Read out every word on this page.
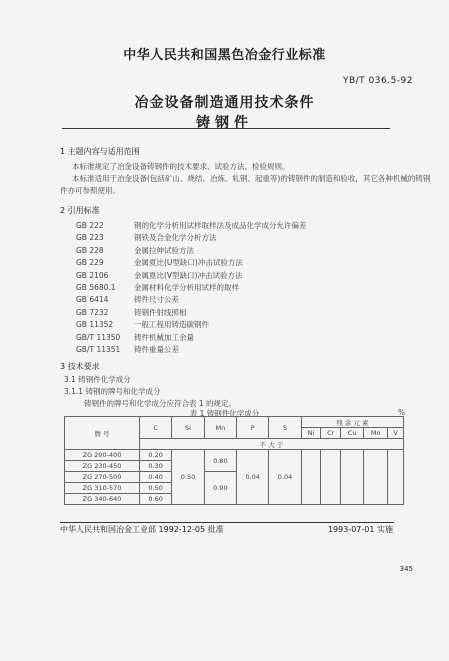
中华人民共和国黑色冶金行业标准
YB/T 036.5-92
冶金设备制造通用技术条件
铸钢件
1 主题内容与适用范围
本标准规定了冶金设备铸钢件的技术要求、试验方法、检验规则。
本标准适用于冶金设备(包括矿山、烧结、冶炼、轧钢、起重等)的铸钢件的制造和验收，其它各种机械的铸钢
件亦可参照使用。
2 引用标准
GB 222	钢的化学分析用试样取样法及成品化学成分允许偏差
GB 223	钢铁及合金化学分析方法
GB 228	金属拉伸试验方法
GB 229	金属夏比(U型缺口)冲击试验方法
GB 2106	金属夏比(V型缺口)冲击试验方法
GB 5680.1 金属材料化学分析用试样的取样
GB 6414	铸件尺寸公差
GB 7232	铸钢件射线照相
GB 11352	一般工程用铸造碳钢件
GB/T 11350 铸件机械加工余量
GB/T 11351 铸件重量公差
3 技术要求
3.1 铸钢件化学成分
3.1.1 铸钢的牌号和化学成分
铸钢件的牌号和化学成分应符合表 1 的规定。
表 1 铸钢件化学成分	%
牌 号	C	Si	Mn	P	S	残 余 元 素				
						Ni	Cr	Cu	Mo	V
	不 大 于									
ZG 200-400	0.20	0.50	0.80	0.04	0.04					
ZG 230-450	0.30									
ZG 270-500	0.40		0.90							
ZG 310-570	0.50									
ZG 340-640	0.60									
中华人民共和国冶金工业部 1992-12-05 批准	1993-07-01 实施
345
